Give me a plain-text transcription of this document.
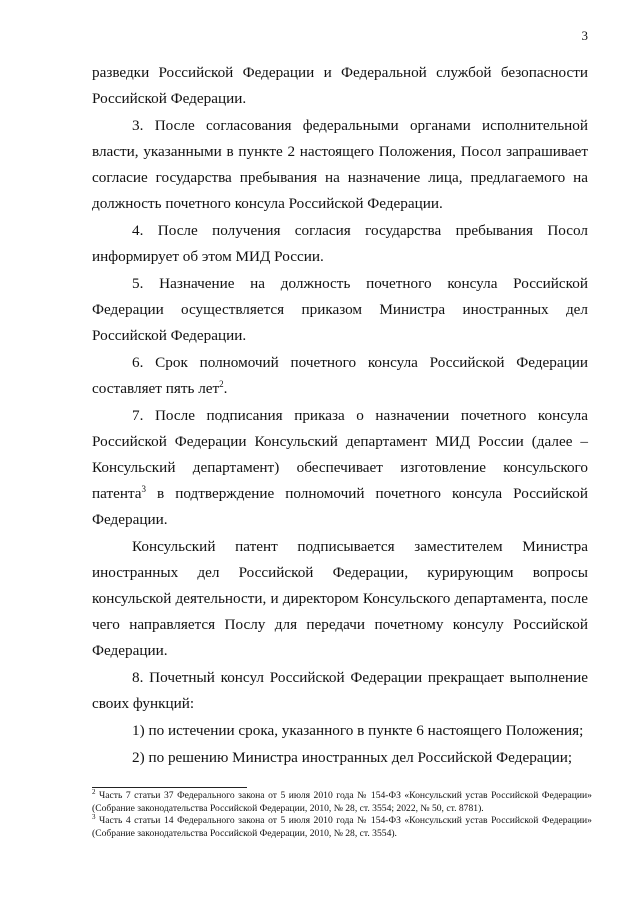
3

разведки Российской Федерации и Федеральной службой безопасности Российской Федерации.

3. После согласования федеральными органами исполнительной власти, указанными в пункте 2 настоящего Положения, Посол запрашивает согласие государства пребывания на назначение лица, предлагаемого на должность почетного консула Российской Федерации.

4. После получения согласия государства пребывания Посол информирует об этом МИД России.

5. Назначение на должность почетного консула Российской Федерации осуществляется приказом Министра иностранных дел Российской Федерации.

6. Срок полномочий почетного консула Российской Федерации составляет пять лет$^2$.

7. После подписания приказа о назначении почетного консула Российской Федерации Консульский департамент МИД России (далее – Консульский департамент) обеспечивает изготовление консульского патента$^3$ в подтверждение полномочий почетного консула Российской Федерации.

Консульский патент подписывается заместителем Министра иностранных дел Российской Федерации, курирующим вопросы консульской деятельности, и директором Консульского департамента, после чего направляется Послу для передачи почетному консулу Российской Федерации.

8. Почетный консул Российской Федерации прекращает выполнение своих функций:

1) по истечении срока, указанного в пункте 6 настоящего Положения;

2) по решению Министра иностранных дел Российской Федерации;

$^2$ Часть 7 статьи 37 Федерального закона от 5 июля 2010 года № 154-ФЗ «Консульский устав Российской Федерации» (Собрание законодательства Российской Федерации, 2010, № 28, ст. 3554; 2022, № 50, ст. 8781).

$^3$ Часть 4 статьи 14 Федерального закона от 5 июля 2010 года № 154-ФЗ «Консульский устав Российской Федерации» (Собрание законодательства Российской Федерации, 2010, № 28, ст. 3554).
